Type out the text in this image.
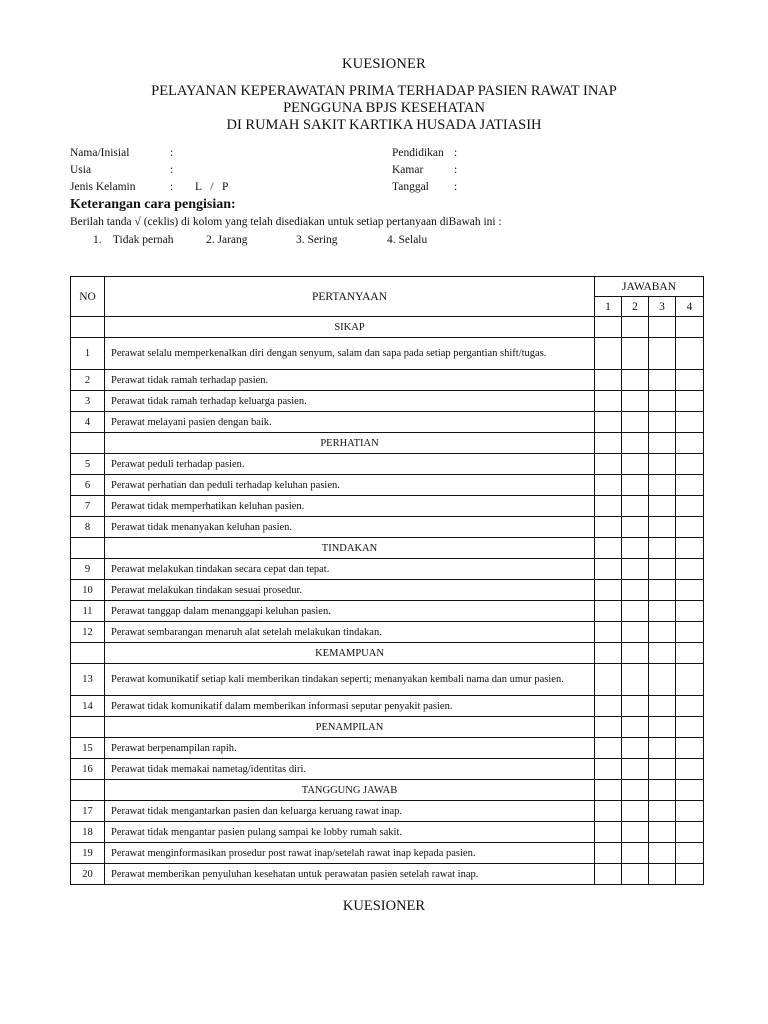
KUESIONER
PELAYANAN KEPERAWATAN PRIMA TERHADAP PASIEN RAWAT INAP
PENGGUNA BPJS KESEHATAN
DI RUMAH SAKIT KARTIKA HUSADA JATIASIH
Nama/Inisial	:
Usia	:
Jenis Kelamin	: L   /   P
Pendidikan :
Kamar	:
Tanggal :
Keterangan cara pengisian:
Berilah tanda √ (ceklis) di kolom yang telah disediakan untuk setiap pertanyaan diBawah ini :
1.    Tidak pernah	2. Jarang	3. Sering	4. Selalu
NO	PERTANYAAN	JAWABAN			
		1	2	3	4
	SIKAP				
1	Perawat selalu memperkenalkan diri dengan senyum, salam dan sapa pada setiap pergantian shift/tugas.				
2	Perawat tidak ramah terhadap pasien.				
3	Perawat tidak ramah terhadap keluarga pasien.				
4	Perawat melayani pasien dengan baik.				
	PERHATIAN				
5	Perawat peduli terhadap pasien.				
6	Perawat perhatian dan peduli terhadap keluhan pasien.				
7	Perawat tidak memperhatikan keluhan pasien.				
8	Perawat tidak menanyakan keluhan pasien.				
	TINDAKAN				
9	Perawat melakukan tindakan secara cepat dan tepat.				
10	Perawat melakukan tindakan sesuai prosedur.				
11	Perawat tanggap dalam menanggapi keluhan pasien.				
12	Perawat sembarangan menaruh alat setelah melakukan tindakan.				
	KEMAMPUAN				
13	Perawat komunikatif setiap kali memberikan tindakan seperti; menanyakan kembali nama dan umur pasien.				
14	Perawat tidak komunikatif dalam memberikan informasi seputar penyakit pasien.				
	PENAMPILAN				
15	Perawat berpenampilan rapih.				
16	Perawat tidak memakai nametag/identitas diri.				
	TANGGUNG JAWAB				
17	Perawat tidak mengantarkan pasien dan keluarga keruang rawat inap.				
18	Perawat tidak mengantar pasien pulang sampai ke lobby rumah sakit.				
19	Perawat menginformasikan prosedur post rawat inap/setelah rawat inap kepada pasien.				
20	Perawat memberikan penyuluhan kesehatan untuk perawatan pasien setelah rawat inap.				
KUESIONER
